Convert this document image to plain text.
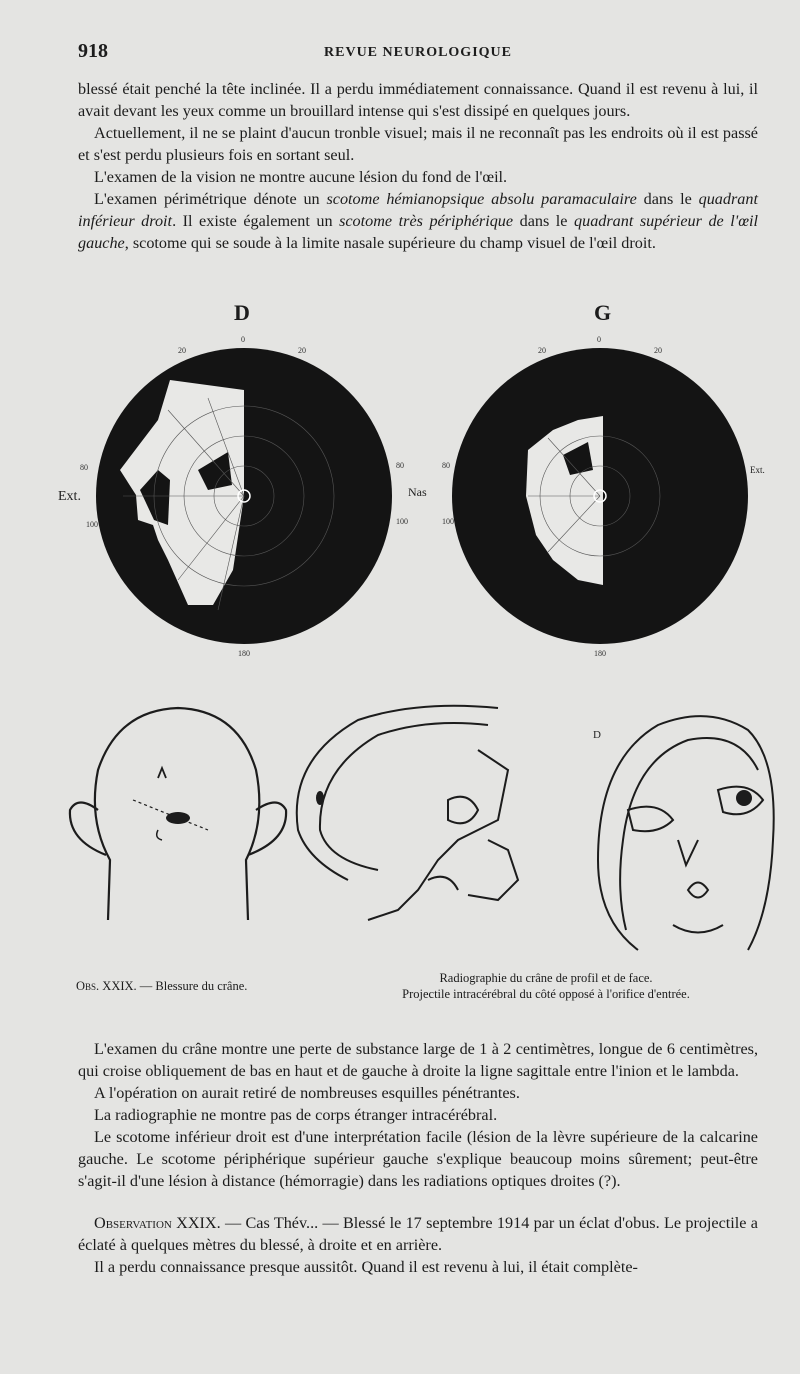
918	REVUE NEUROLOGIQUE

blessé était penché la tête inclinée. Il a perdu immédiatement connaissance. Quand il est revenu à lui, il avait devant les yeux comme un brouillard intense qui s'est dissipé en quelques jours.

Actuellement, il ne se plaint d'aucun tronble visuel; mais il ne reconnaît pas les endroits où il est passé et s'est perdu plusieurs fois en sortant seul.

L'examen de la vision ne montre aucune lésion du fond de l'œil.

L'examen périmétrique dénote un scotome hémianopsique absolu paramaculaire dans le quadrant inférieur droit. Il existe également un scotome très périphérique dans le quadrant supérieur de l'œil gauche, scotome qui se soude à la limite nasale supérieure du champ visuel de l'œil droit.

D	G
0
20	20
80	80
100	100
180
0
20	20
80
100
180
Ext.	Nas
Ext.
D
Obs. XXIX. — Blessure du crâne.
Radiographie du crâne de profil et de face.
Projectile intracérébral du côté opposé à l'orifice d'entrée.

L'examen du crâne montre une perte de substance large de 1 à 2 centimètres, longue de 6 centimètres, qui croise obliquement de bas en haut et de gauche à droite la ligne sagittale entre l'inion et le lambda.

A l'opération on aurait retiré de nombreuses esquilles pénétrantes.

La radiographie ne montre pas de corps étranger intracérébral.

Le scotome inférieur droit est d'une interprétation facile (lésion de la lèvre supérieure de la calcarine gauche. Le scotome périphérique supérieur gauche s'explique beaucoup moins sûrement; peut-être s'agit-il d'une lésion à distance (hémorragie) dans les radiations optiques droites (?).

Observation XXIX. — Cas Thév... — Blessé le 17 septembre 1914 par un éclat d'obus. Le projectile a éclaté à quelques mètres du blessé, à droite et en arrière.

Il a perdu connaissance presque aussitôt. Quand il est revenu à lui, il était complète-
